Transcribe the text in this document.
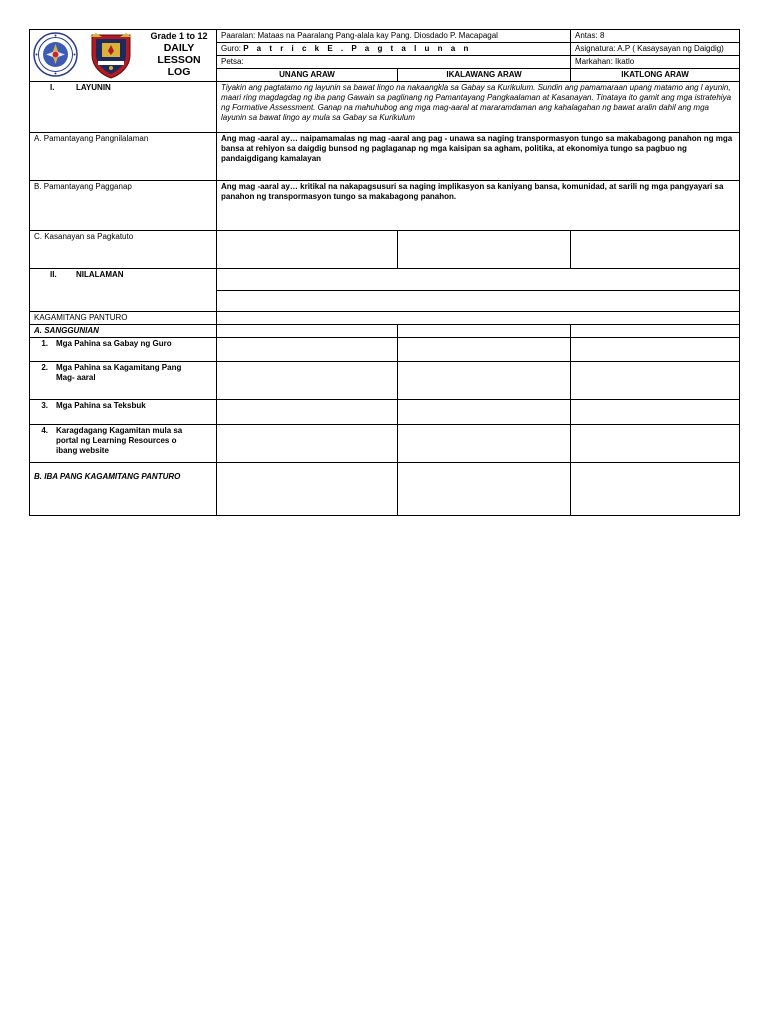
Grade 1 to 12
DAILY
LESSON
LOG	Paaralan: Mataas na Paaralang Pang-alala kay Pang. Diosdado P. Macapagal		Antas: 8
	Guro: P a t r i c k E . P a g t a l u n a n		Asignatura: A.P ( Kasaysayan ng Daigdig)
	Petsa:		Markahan: Ikatlo
	UNANG ARAW	IKALAWANG ARAW	IKATLONG ARAW
I. LAYUNIN	Tiyakin ang pagtatamo ng layunin sa bawat lingo na nakaangkla sa Gabay sa Kurikulum. Sundin ang pamamaraan upang matamo ang l ayunin, maari ring magdagdag ng iba pang Gawain sa paglinang ng Pamantayang Pangkaalaman at Kasanayan. Tinataya ito gamit ang mga istratehiya ng Formative Assessment. Ganap na mahuhubog ang mga mag-aaral at mararamdaman ang kahalagahan ng bawat aralin dahil ang mga layunin sa bawat lingo ay mula sa Gabay sa Kurikulum		
A. Pamantayang Pangnilalaman	Ang mag -aaral ay… naipamamalas ng mag -aaral ang pag - unawa sa naging transpormasyon tungo sa makabagong panahon ng mga bansa at rehiyon sa daigdig bunsod ng paglaganap ng mga kaisipan sa agham, politika, at ekonomiya tungo sa pagbuo ng pandaigdigang kamalayan		
B. Pamantayang Pagganap	Ang mag -aaral ay… kritikal na nakapagsusuri sa naging implikasyon sa kaniyang bansa, komunidad, at sarili ng mga pangyayari sa panahon ng transpormasyon tungo sa makabagong panahon.		
C. Kasanayan sa Pagkatuto			
II. NILALAMAN			

KAGAMITANG PANTURO			
A. SANGGUNIAN			
1. Mga Pahina sa Gabay ng Guro			
2. Mga Pahina sa Kagamitang Pang Mag- aaral			
3. Mga Pahina sa Teksbuk			
4. Karagdagang Kagamitan mula sa portal ng Learning Resources o ibang website			
B. IBA PANG KAGAMITANG PANTURO			
